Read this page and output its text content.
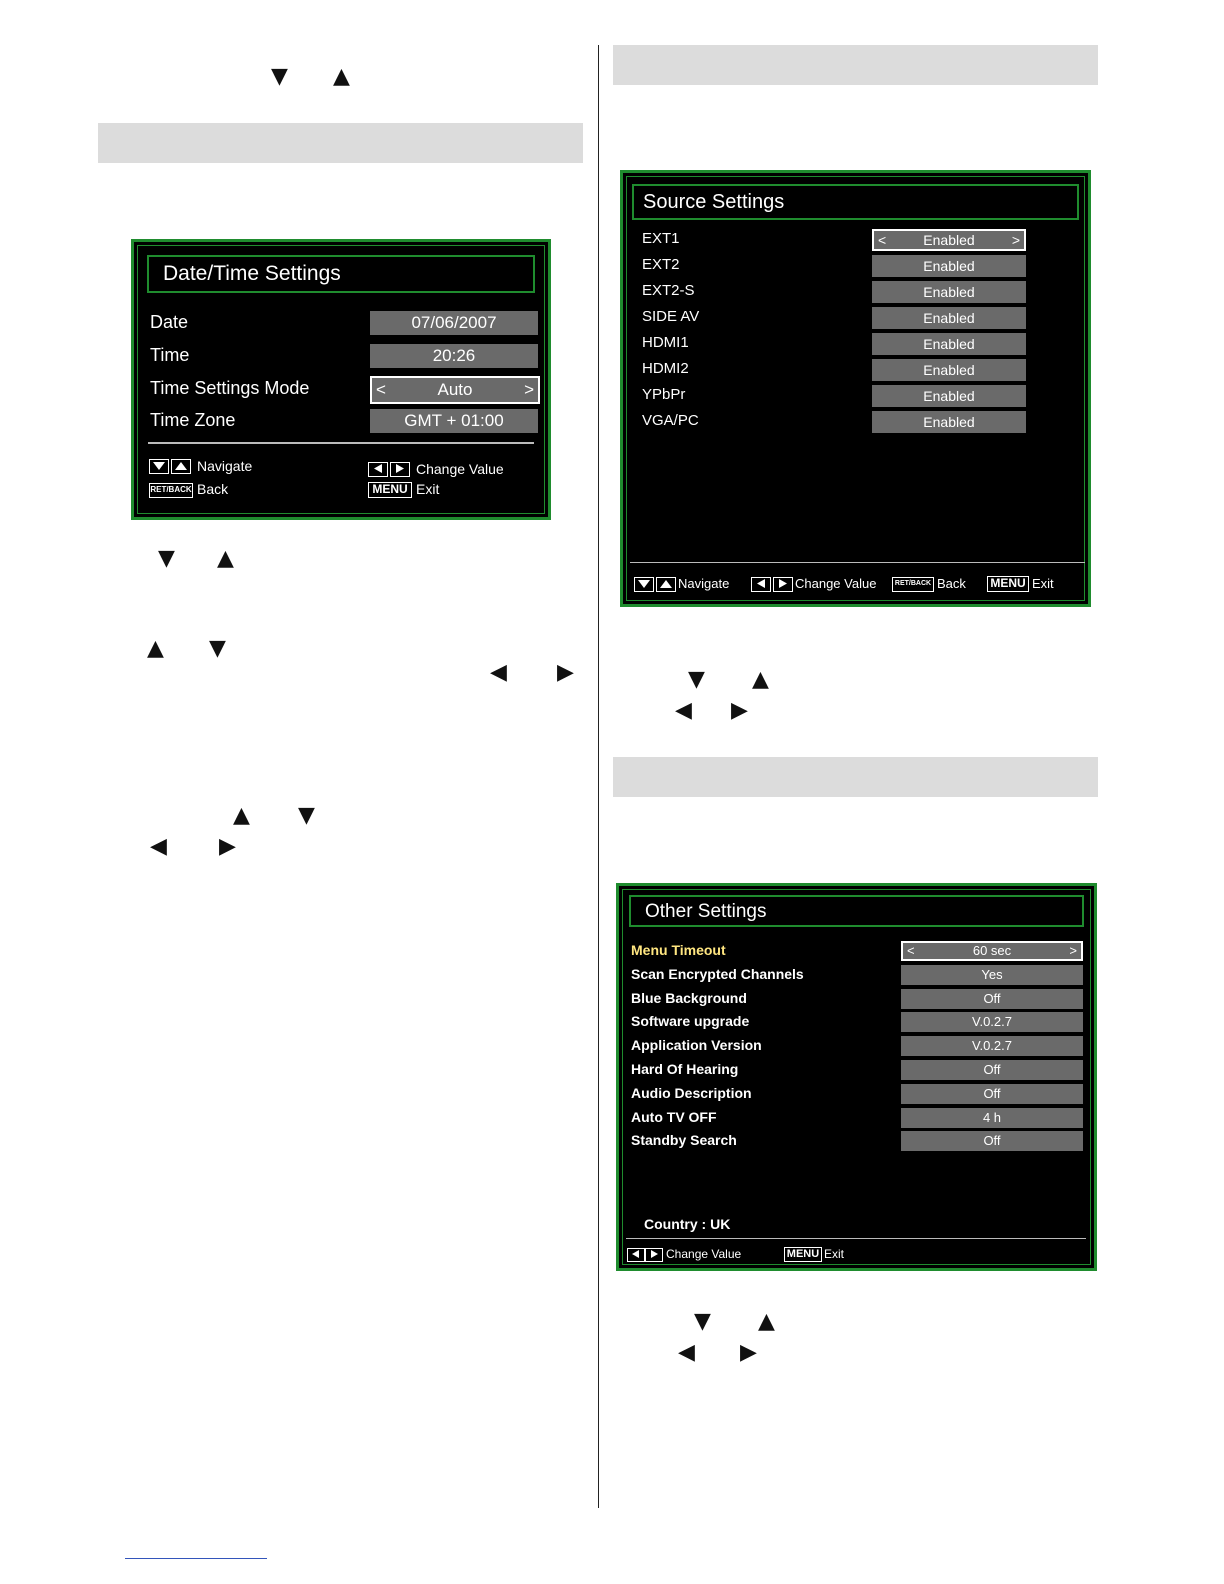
▼ ▲
Date/Time Settings
Date	07/06/2007
Time	20:26
Time Settings Mode	<	Auto	>
Time Zone	GMT + 01:00
Navigate	Change Value
RET/BACK Back	MENU Exit
▼ ▲
▲ ▼
◀ ▶
▲ ▼
◀ ▶
Source Settings
EXT1	<	Enabled	>
EXT2	Enabled
EXT2-S	Enabled
SIDE AV	Enabled
HDMI1	Enabled
HDMI2	Enabled
YPbPr	Enabled
VGA/PC	Enabled
Navigate	Change Value	RET/BACK Back MENU Exit
▼ ▲
◀ ▶
Other Settings
Menu Timeout	<	60 sec	>
Scan Encrypted Channels	Yes
Blue Background	Off
Software upgrade	V.0.2.7
Application Version	V.0.2.7
Hard Of Hearing	Off
Audio Description	Off
Auto TV OFF	4 h
Standby Search	Off
Country : UK
Change Value	MENU Exit
▼ ▲
◀ ▶
